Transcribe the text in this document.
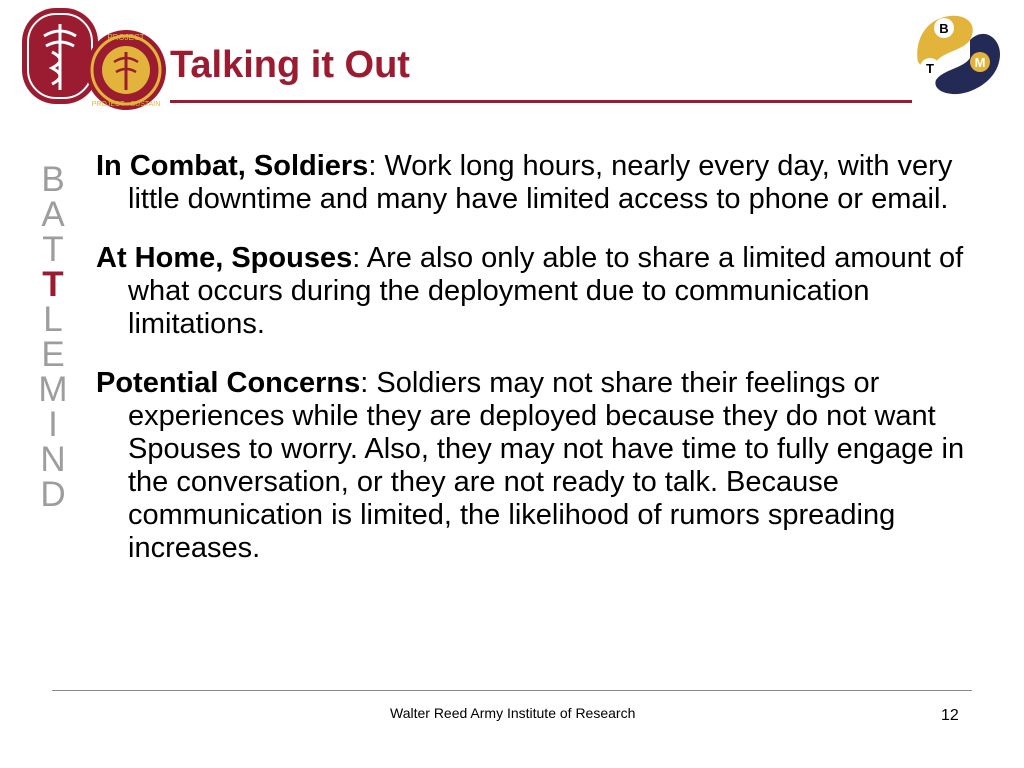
PROJECT
PROJECT · SUSTAIN
Talking it Out
B
T	M
B
A
T
T
L
E
M
I
N
D

In Combat, Soldiers: Work long hours, nearly every day, with very little downtime and many have limited access to phone or email.

At Home, Spouses: Are also only able to share a limited amount of what occurs during the deployment due to communication limitations.

Potential Concerns: Soldiers may not share their feelings or experiences while they are deployed because they do not want Spouses to worry. Also, they may not have time to fully engage in the conversation, or they are not ready to talk. Because communication is limited, the likelihood of rumors spreading increases.

Walter Reed Army Institute of Research	12
